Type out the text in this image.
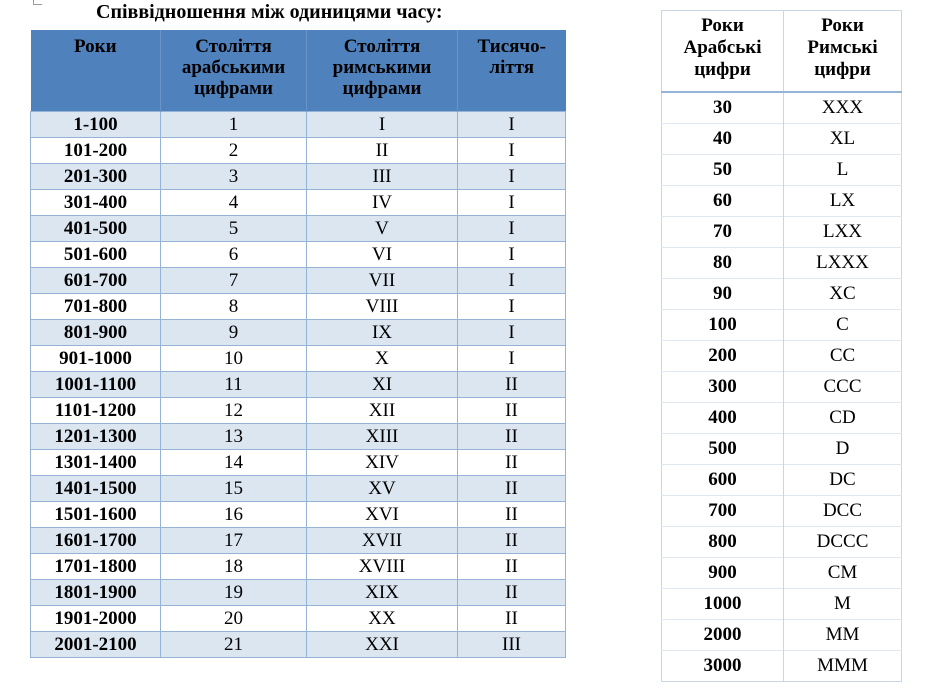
Співвідношення між одиницями часу:
Роки	Століття арабськими цифрами	Століття римськими цифрами	Тисячо-ліття
1-100	1	I	I
101-200	2	II	I
201-300	3	III	I
301-400	4	IV	I
401-500	5	V	I
501-600	6	VI	I
601-700	7	VII	I
701-800	8	VIII	I
801-900	9	IX	I
901-1000	10	X	I
1001-1100	11	XI	II
1101-1200	12	XII	II
1201-1300	13	XIII	II
1301-1400	14	XIV	II
1401-1500	15	XV	II
1501-1600	16	XVI	II
1601-1700	17	XVII	II
1701-1800	18	XVIII	II
1801-1900	19	XIX	II
1901-2000	20	XX	II
2001-2100	21	XXI	III
Роки Арабські цифри	Роки Римські цифри
30	XXX
40	XL
50	L
60	LX
70	LXX
80	LXXX
90	XC
100	C
200	CC
300	CCC
400	CD
500	D
600	DC
700	DCC
800	DCCC
900	CM
1000	M
2000	MM
3000	MMM
